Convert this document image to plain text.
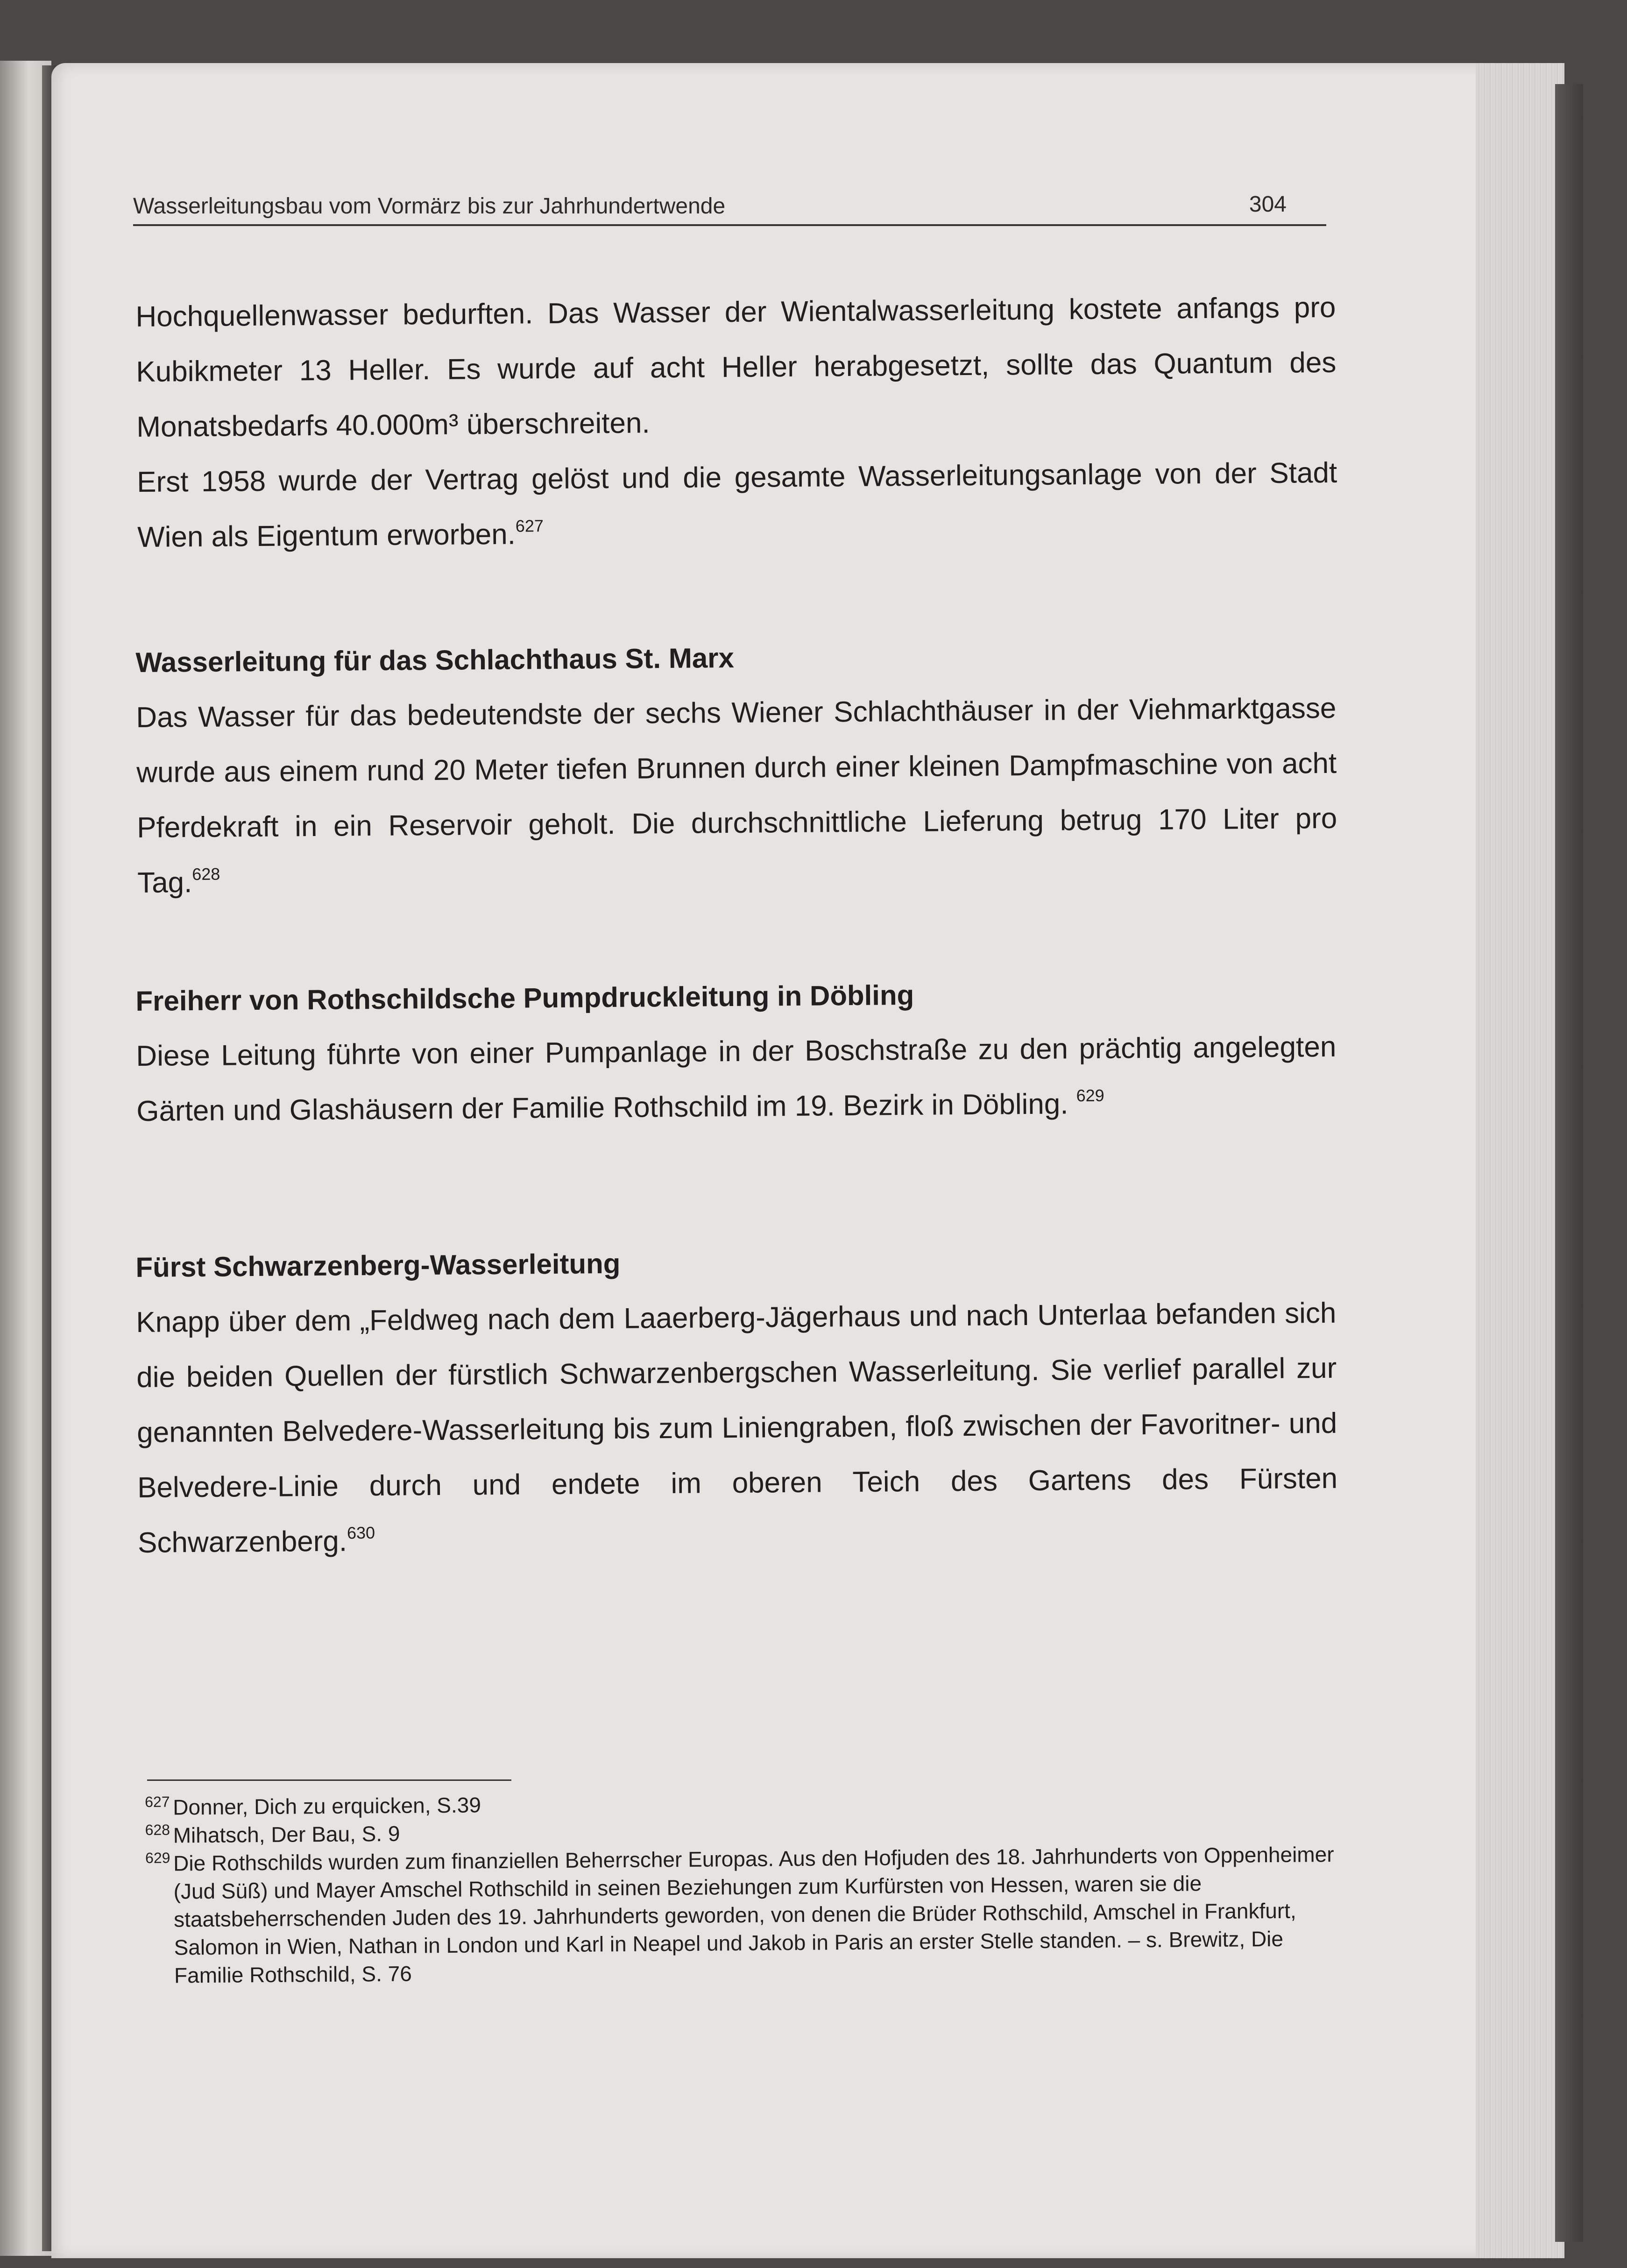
Wasserleitungsbau vom Vormärz bis zur Jahrhundertwende	304

Hochquellenwasser bedurften. Das Wasser der Wientalwasserleitung kostete anfangs pro Kubikmeter 13 Heller. Es wurde auf acht Heller herabgesetzt, sollte das Quantum des Monatsbedarfs 40.000m³ überschreiten.

Erst 1958 wurde der Vertrag gelöst und die gesamte Wasserleitungsanlage von der Stadt Wien als Eigentum erworben.$^{627}$

Wasserleitung für das Schlachthaus St. Marx

Das Wasser für das bedeutendste der sechs Wiener Schlachthäuser in der Viehmarktgasse wurde aus einem rund 20 Meter tiefen Brunnen durch einer kleinen Dampfmaschine von acht Pferdekraft in ein Reservoir geholt. Die durchschnittliche Lieferung betrug 170 Liter pro Tag.$^{628}$

Freiherr von Rothschildsche Pumpdruckleitung in Döbling

Diese Leitung führte von einer Pumpanlage in der Boschstraße zu den prächtig angelegten Gärten und Glashäusern der Familie Rothschild im 19. Bezirk in Döbling. $^{629}$

Fürst Schwarzenberg-Wasserleitung

Knapp über dem „Feldweg nach dem Laaerberg-Jägerhaus und nach Unterlaa befanden sich die beiden Quellen der fürstlich Schwarzenbergschen Wasserleitung. Sie verlief parallel zur genannten Belvedere-Wasserleitung bis zum Liniengraben, floß zwischen der Favoritner- und Belvedere-Linie durch und endete im oberen Teich des Gartens des Fürsten Schwarzenberg.$^{630}$

627 Donner, Dich zu erquicken, S.39
628 Mihatsch, Der Bau, S. 9
629 Die Rothschilds wurden zum finanziellen Beherrscher Europas. Aus den Hofjuden des 18. Jahrhunderts von Oppenheimer (Jud Süß) und Mayer Amschel Rothschild in seinen Beziehungen zum Kurfürsten von Hessen, waren sie die staatsbeherrschenden Juden des 19. Jahrhunderts geworden, von denen die Brüder Rothschild, Amschel in Frankfurt, Salomon in Wien, Nathan in London und Karl in Neapel und Jakob in Paris an erster Stelle standen. – s. Brewitz, Die Familie Rothschild, S. 76
